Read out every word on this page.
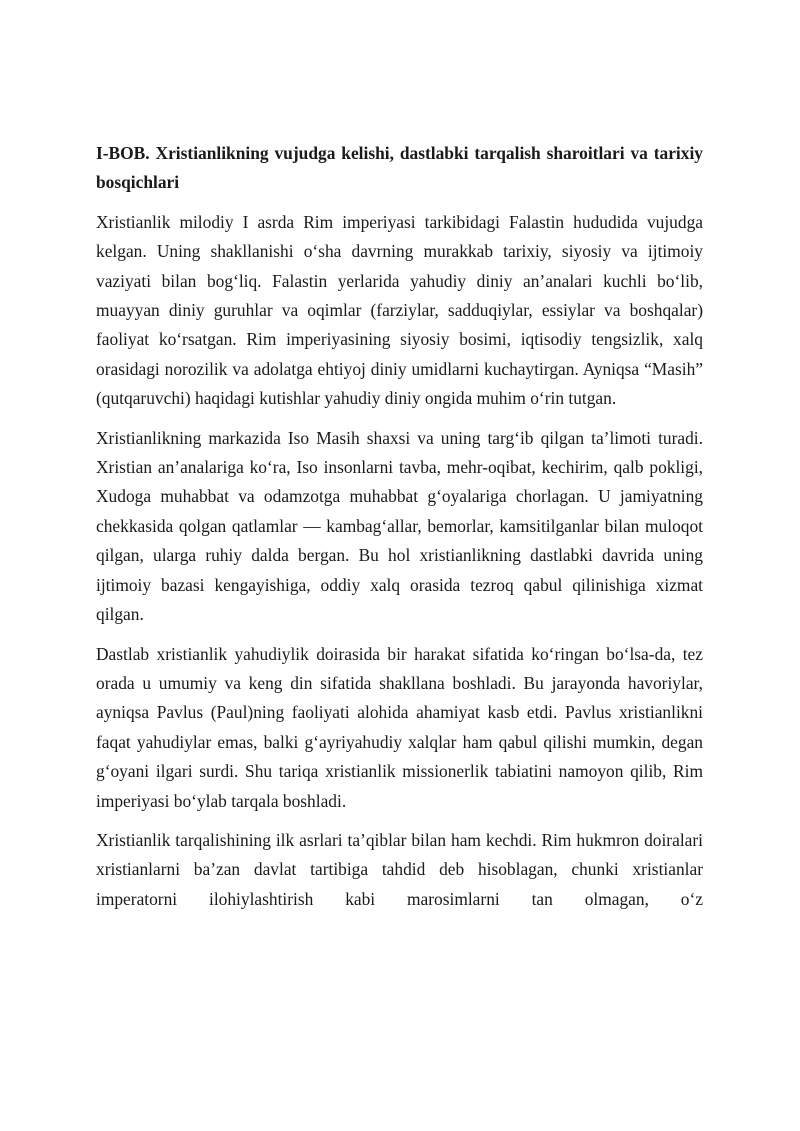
I-BOB. Xristianlikning vujudga kelishi, dastlabki tarqalish sharoitlari va tarixiy bosqichlari

Xristianlik milodiy I asrda Rim imperiyasi tarkibidagi Falastin hududida vujudga kelgan. Uning shakllanishi o‘sha davrning murakkab tarixiy, siyosiy va ijtimoiy vaziyati bilan bog‘liq. Falastin yerlarida yahudiy diniy an’analari kuchli bo‘lib, muayyan diniy guruhlar va oqimlar (farziylar, sadduqiylar, essiylar va boshqalar) faoliyat ko‘rsatgan. Rim imperiyasining siyosiy bosimi, iqtisodiy tengsizlik, xalq orasidagi norozilik va adolatga ehtiyoj diniy umidlarni kuchaytirgan. Ayniqsa “Masih” (qutqaruvchi) haqidagi kutishlar yahudiy diniy ongida muhim o‘rin tutgan.

Xristianlikning markazida Iso Masih shaxsi va uning targ‘ib qilgan ta’limoti turadi. Xristian an’analariga ko‘ra, Iso insonlarni tavba, mehr-oqibat, kechirim, qalb pokligi, Xudoga muhabbat va odamzotga muhabbat g‘oyalariga chorlagan. U jamiyatning chekkasida qolgan qatlamlar — kambag‘allar, bemorlar, kamsitilganlar bilan muloqot qilgan, ularga ruhiy dalda bergan. Bu hol xristianlikning dastlabki davrida uning ijtimoiy bazasi kengayishiga, oddiy xalq orasida tezroq qabul qilinishiga xizmat qilgan.

Dastlab xristianlik yahudiylik doirasida bir harakat sifatida ko‘ringan bo‘lsa-da, tez orada u umumiy va keng din sifatida shakllana boshladi. Bu jarayonda havoriylar, ayniqsa Pavlus (Paul)ning faoliyati alohida ahamiyat kasb etdi. Pavlus xristianlikni faqat yahudiylar emas, balki g‘ayriyahudiy xalqlar ham qabul qilishi mumkin, degan g‘oyani ilgari surdi. Shu tariqa xristianlik missionerlik tabiatini namoyon qilib, Rim imperiyasi bo‘ylab tarqala boshladi.

Xristianlik tarqalishining ilk asrlari ta’qiblar bilan ham kechdi. Rim hukmron doiralari xristianlarni ba’zan davlat tartibiga tahdid deb hisoblagan, chunki xristianlar imperatorni ilohiylashtirish kabi marosimlarni tan olmagan, o‘z
